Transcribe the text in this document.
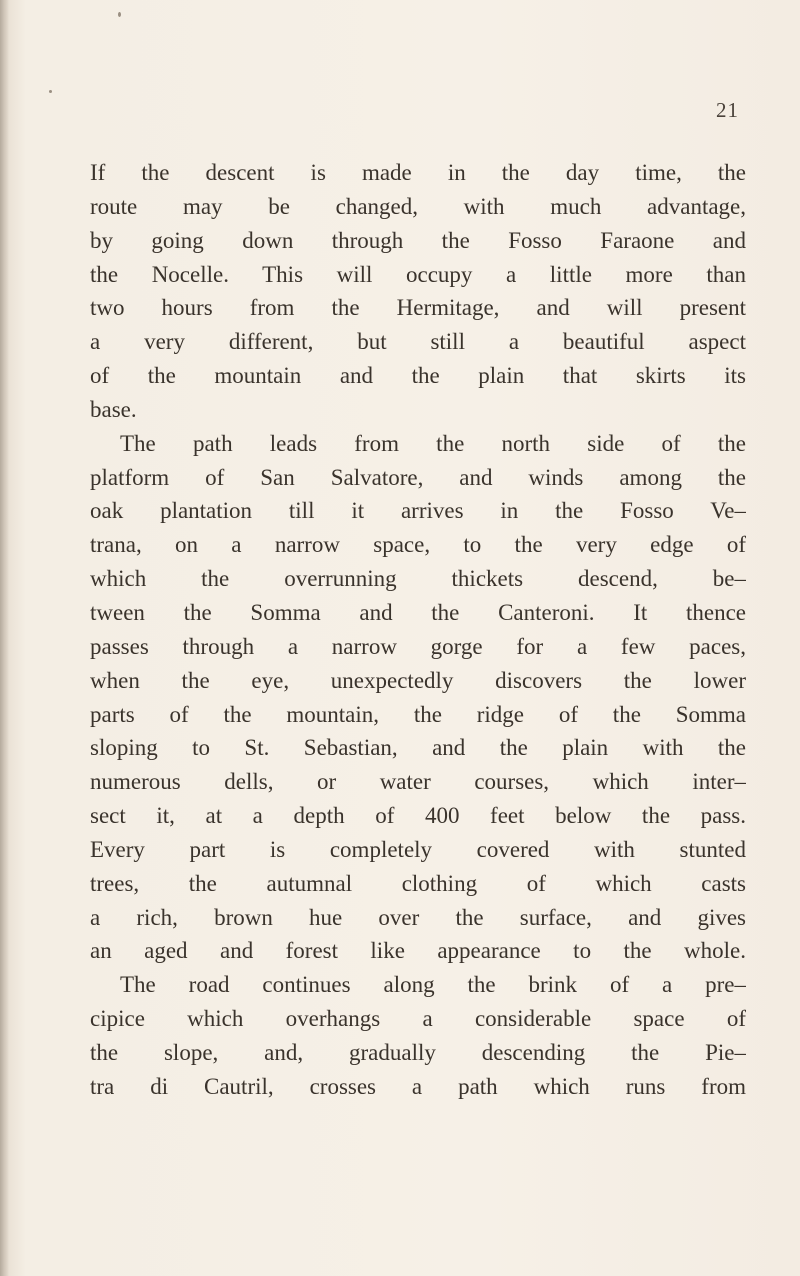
21
If the descent is made in the day time, the
route may be changed, with much advantage,
by going down through the Fosso Faraone and
the Nocelle. This will occupy a little more than
two hours from the Hermitage, and will present
a very different, but still a beautiful aspect
of the mountain and the plain that skirts its
base.
The path leads from the north side of the
platform of San Salvatore, and winds among the
oak plantation till it arrives in the Fosso Ve–
trana, on a narrow space, to the very edge of
which the overrunning thickets descend, be–
tween the Somma and the Canteroni. It thence
passes through a narrow gorge for a few paces,
when the eye, unexpectedly discovers the lower
parts of the mountain, the ridge of the Somma
sloping to St. Sebastian, and the plain with the
numerous dells, or water courses, which inter–
sect it, at a depth of 400 feet below the pass.
Every part is completely covered with stunted
trees, the autumnal clothing of which casts
a rich, brown hue over the surface, and gives
an aged and forest like appearance to the whole.
The road continues along the brink of a pre–
cipice which overhangs a considerable space of
the slope, and, gradually descending the Pie–
tra di Cautril, crosses a path which runs from
